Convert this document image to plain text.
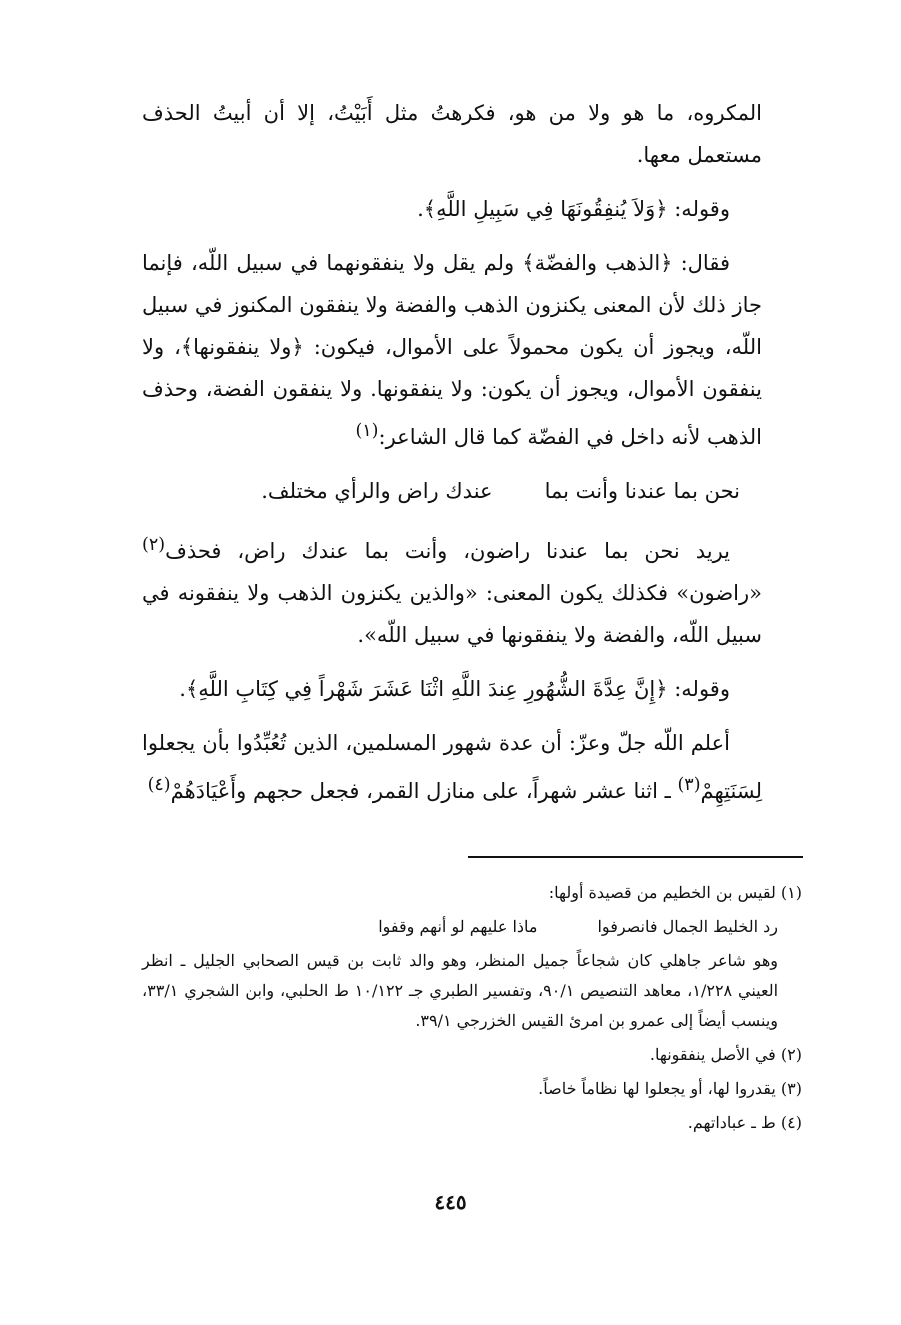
المكروه، ما هو ولا من هو، فكرهتُ مثل أَبَيْتُ، إلا أن أبيتُ الحذف مستعمل معها.

وقوله: ﴿وَلاَ يُنفِقُونَهَا فِي سَبِيلِ اللَّهِ﴾.

فقال: ﴿الذهب والفضّة﴾ ولم يقل ولا ينفقونهما في سبيل اللّه، فإنما جاز ذلك لأن المعنى يكنزون الذهب والفضة ولا ينفقون المكنوز في سبيل اللّه، ويجوز أن يكون محمولاً على الأموال، فيكون: ﴿ولا ينفقونها﴾، ولا ينفقون الأموال، ويجوز أن يكون: ولا ينفقونها. ولا ينفقون الفضة، وحذف الذهب لأنه داخل في الفضّة كما قال الشاعر:$^{(١)}$

نحن بما عندنا وأنت بما
عندك راض والرأي مختلف.

يريد نحن بما عندنا راضون، وأنت بما عندك راض، فحذف$^{(٢)}$ «راضون» فكذلك يكون المعنى: «والذين يكنزون الذهب ولا ينفقونه في سبيل اللّه، والفضة ولا ينفقونها في سبيل اللّه».

وقوله: ﴿إِنَّ عِدَّةَ الشُّهُورِ عِندَ اللَّهِ اثْنَا عَشَرَ شَهْراً فِي كِتَابِ اللَّهِ﴾.

أعلم اللّه جلّ وعزّ: أن عدة شهور المسلمين، الذين تُعُبِّدُوا بأن يجعلوا لِسَنَتِهِمْ$^{(٣)}$ ـ اثنا عشر شهراً، على منازل القمر، فجعل حجهم وأَعْيَادَهُمْ$^{(٤)}$

(١) لقيس بن الخطيم من قصيدة أولها:

رد الخليط الجمال فانصرفوا
ماذا عليهم لو أنهم وقفوا

وهو شاعر جاهلي كان شجاعاً جميل المنظر، وهو والد ثابت بن قيس الصحابي الجليل ـ انظر العيني ١/٢٢٨، معاهد التنصيص ٩٠/١، وتفسير الطبري جـ ١٠/١٢٢ ط الحلبي، وابن الشجري ٣٣/١، وينسب أيضاً إلى عمرو بن امرئ القيس الخزرجي ٣٩/١.

(٢) في الأصل ينفقونها.

(٣) يقدروا لها، أو يجعلوا لها نظاماً خاصاً.

(٤) ط ـ عباداتهم.

٤٤٥
